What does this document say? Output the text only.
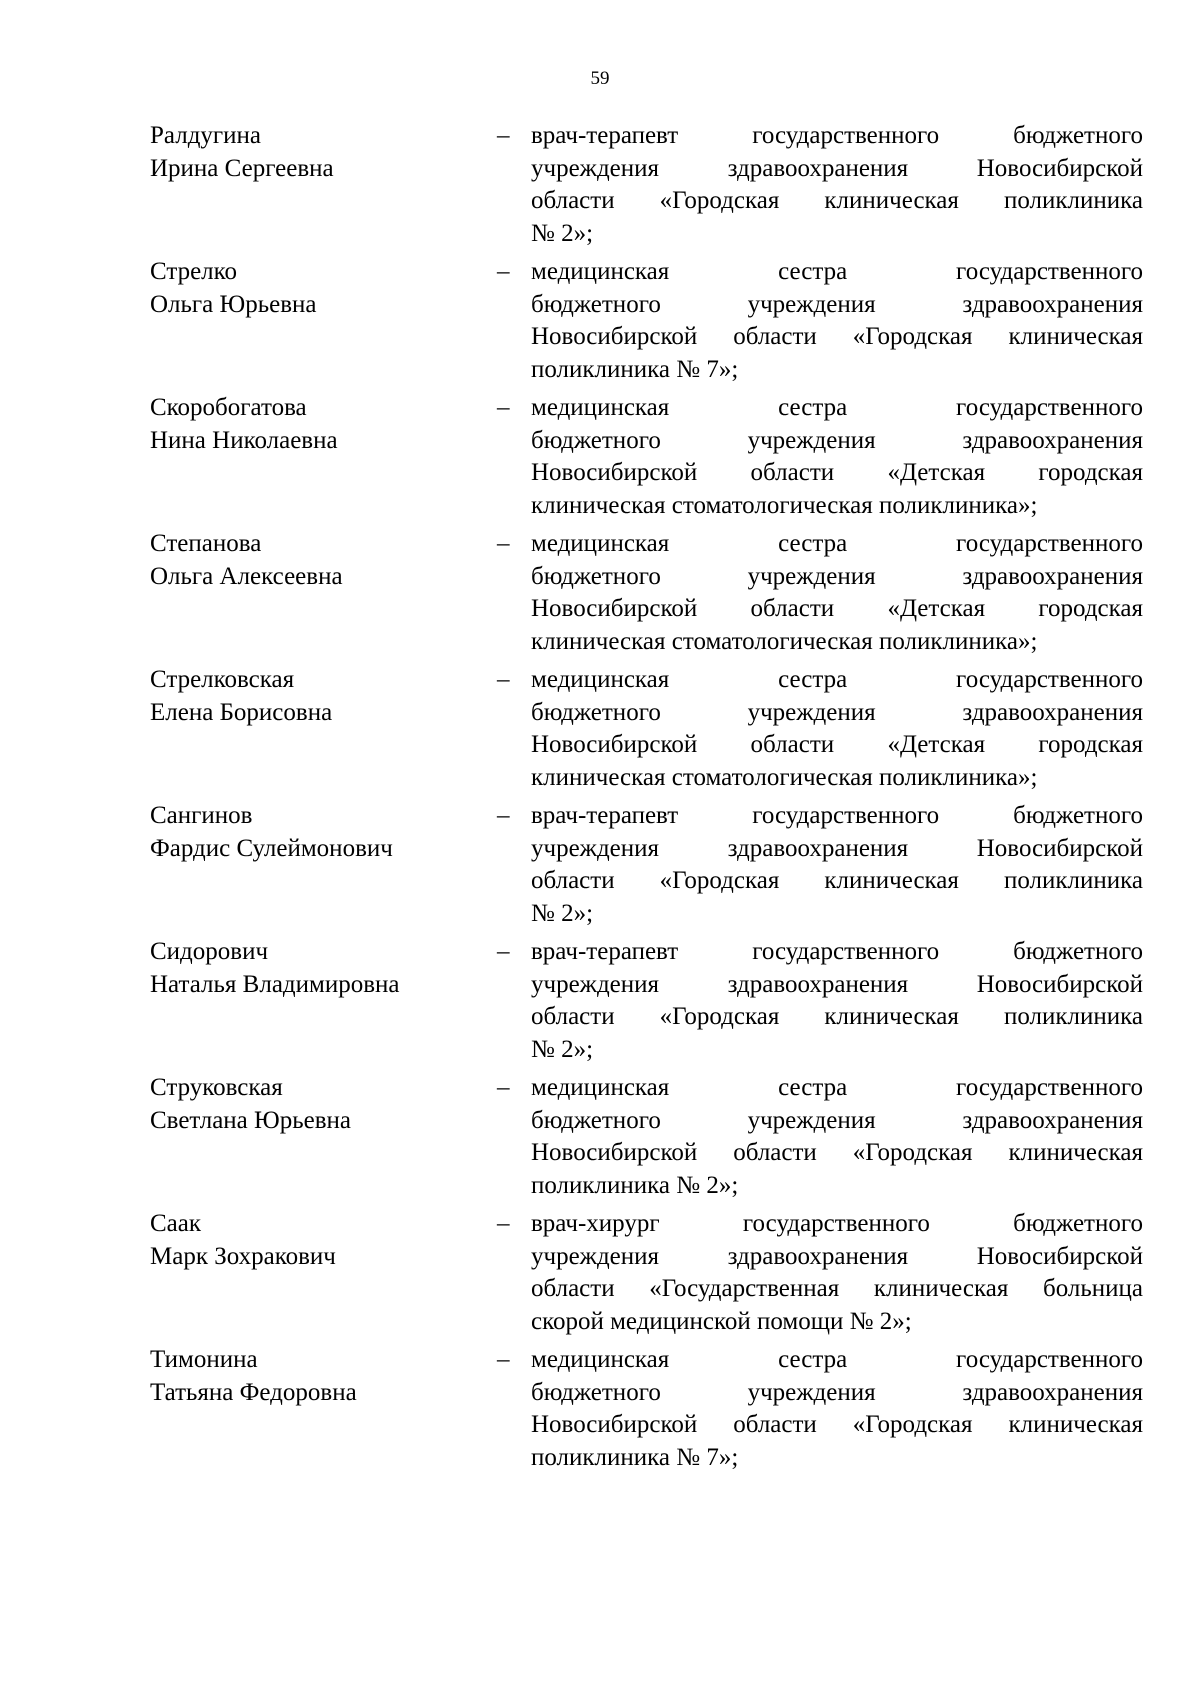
59
Ралдугина
Ирина Сергеевна
– врач-терапевт государственного бюджетного
учреждения здравоохранения Новосибирской
области «Городская клиническая поликлиника
№ 2»;
Стрелко
Ольга Юрьевна
– медицинская сестра государственного
бюджетного учреждения здравоохранения
Новосибирской области «Городская клиническая
поликлиника № 7»;
Скоробогатова
Нина Николаевна
– медицинская сестра государственного
бюджетного учреждения здравоохранения
Новосибирской области «Детская городская
клиническая стоматологическая поликлиника»;
Степанова
Ольга Алексеевна
– медицинская сестра государственного
бюджетного учреждения здравоохранения
Новосибирской области «Детская городская
клиническая стоматологическая поликлиника»;
Стрелковская
Елена Борисовна
– медицинская сестра государственного
бюджетного учреждения здравоохранения
Новосибирской области «Детская городская
клиническая стоматологическая поликлиника»;
Сангинов
Фардис Сулеймонович
– врач-терапевт государственного бюджетного
учреждения здравоохранения Новосибирской
области «Городская клиническая поликлиника
№ 2»;
Сидорович
Наталья Владимировна
– врач-терапевт государственного бюджетного
учреждения здравоохранения Новосибирской
области «Городская клиническая поликлиника
№ 2»;
Струковская
Светлана Юрьевна
– медицинская сестра государственного
бюджетного учреждения здравоохранения
Новосибирской области «Городская клиническая
поликлиника № 2»;
Саак
Марк Зохракович
– врач-хирург государственного бюджетного
учреждения здравоохранения Новосибирской
области «Государственная клиническая больница
скорой медицинской помощи № 2»;
Тимонина
Татьяна Федоровна
– медицинская сестра государственного
бюджетного учреждения здравоохранения
Новосибирской области «Городская клиническая
поликлиника № 7»;
